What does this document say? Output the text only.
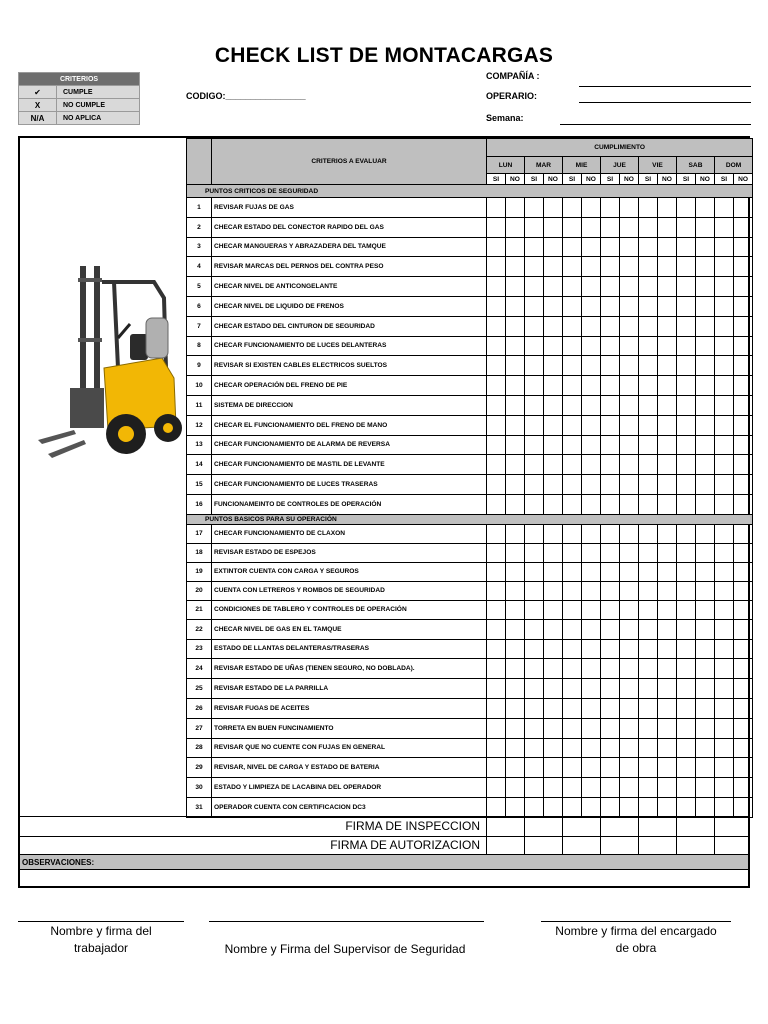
CHECK LIST DE MONTACARGAS
CRITERIOS	
✔	CUMPLE
X	NO CUMPLE
N/A	NO APLICA
CODIGO:________________
COMPAÑÍA :
OPERARIO:
Semana:
	CRITERIOS A EVALUAR	CUMPLIMIENTO													
		LUN		MAR		MIE		JUE		VIE		SAB		DOM	
		SI	NO	SI	NO	SI	NO	SI	NO	SI	NO	SI	NO	SI	NO
PUNTOS CRITICOS DE SEGURIDAD															
1	REVISAR FUJAS DE GAS														
2	CHECAR ESTADO DEL CONECTOR RAPIDO DEL GAS														
3	CHECAR MANGUERAS Y ABRAZADERA DEL TAMQUE														
4	REVISAR MARCAS DEL PERNOS DEL CONTRA PESO														
5	CHECAR NIVEL DE ANTICONGELANTE														
6	CHECAR NIVEL DE LIQUIDO DE FRENOS														
7	CHECAR ESTADO DEL CINTURON DE SEGURIDAD														
8	CHECAR FUNCIONAMIENTO DE LUCES DELANTERAS														
9	REVISAR SI EXISTEN CABLES ELECTRICOS SUELTOS														
10	CHECAR OPERACIÓN DEL FRENO DE PIE														
11	SISTEMA DE DIRECCION														
12	CHECAR EL FUNCIONAMIENTO DEL FRENO DE MANO														
13	CHECAR FUNCIONAMIENTO DE ALARMA DE REVERSA														
14	CHECAR FUNCIONAMIENTO DE MASTIL DE LEVANTE														
15	CHECAR FUNCIONAMIENTO DE LUCES TRASERAS														
16	FUNCIONAMEINTO DE CONTROLES DE OPERACIÓN														
PUNTOS BASICOS PARA SU OPERACIÓN															
17	CHECAR FUNCIONAMIENTO DE CLAXON														
18	REVISAR ESTADO DE ESPEJOS														
19	EXTINTOR CUENTA CON CARGA Y SEGUROS														
20	CUENTA CON LETREROS Y ROMBOS DE SEGURIDAD														
21	CONDICIONES DE TABLERO Y CONTROLES DE OPERACIÓN														
22	CHECAR NIVEL DE GAS EN EL TAMQUE														
23	ESTADO DE LLANTAS DELANTERAS/TRASERAS														
24	REVISAR ESTADO DE UÑAS (TIENEN SEGURO, NO DOBLADA).														
25	REVISAR ESTADO DE LA PARRILLA														
26	REVISAR FUGAS DE ACEITES														
27	TORRETA EN BUEN FUNCINAMIENTO														
28	REVISAR QUE NO CUENTE CON FUJAS EN GENERAL														
29	REVISAR, NIVEL DE CARGA Y ESTADO DE BATERIA														
30	ESTADO Y LIMPIEZA DE LACABINA DEL OPERADOR														
31	OPERADOR CUENTA CON CERTIFICACION DC3														
FIRMA DE INSPECCION
FIRMA DE AUTORIZACION
OBSERVACIONES:
Nombre y firma del
trabajador	Nombre y Firma del Supervisor de Seguridad
Nombre y firma del encargado
de obra
